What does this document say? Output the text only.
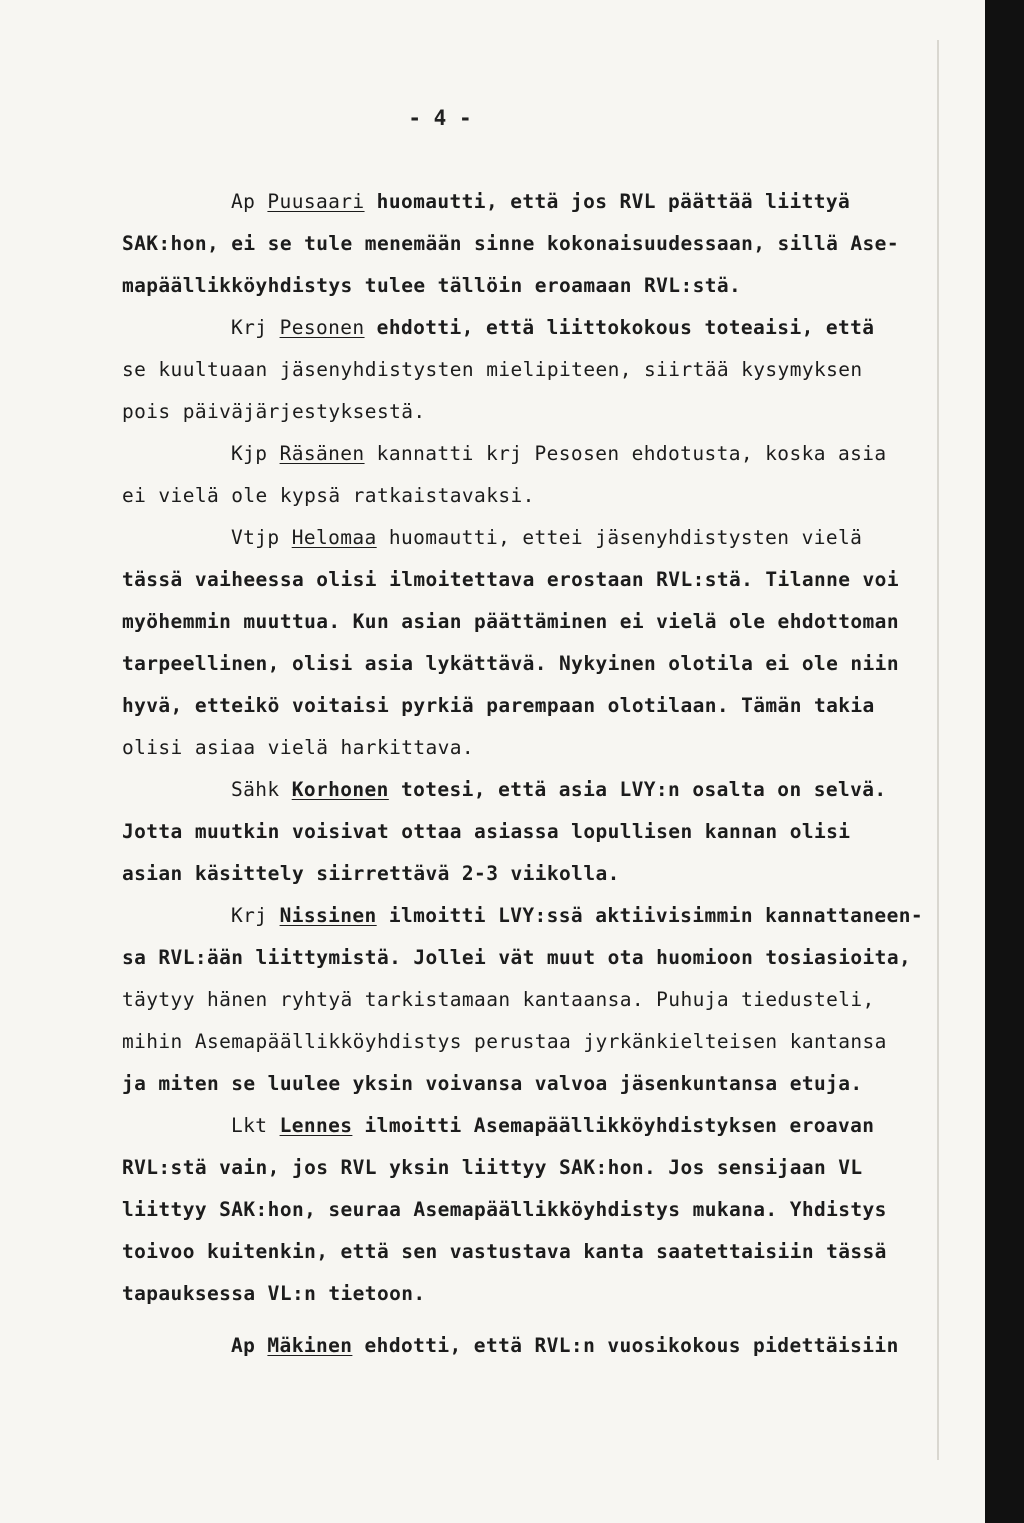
- 4 -
Ap Puusaari huomautti, että jos RVL päättää liittyä
SAK:hon, ei se tule menemään sinne kokonaisuudessaan, sillä Ase-
mapäällikköyhdistys tulee tällöin eroamaan RVL:stä.
Krj Pesonen ehdotti, että liittokokous toteaisi, että
se kuultuaan jäsenyhdistysten mielipiteen, siirtää kysymyksen
pois päiväjärjestyksestä.
Kjp Räsänen kannatti krj Pesosen ehdotusta, koska asia
ei vielä ole kypsä ratkaistavaksi.
Vtjp Helomaa huomautti, ettei jäsenyhdistysten vielä
tässä vaiheessa olisi ilmoitettava erostaan RVL:stä. Tilanne voi
myöhemmin muuttua. Kun asian päättäminen ei vielä ole ehdottoman
tarpeellinen, olisi asia lykättävä. Nykyinen olotila ei ole niin
hyvä, etteikö voitaisi pyrkiä parempaan olotilaan. Tämän takia
olisi asiaa vielä harkittava.
Sähk Korhonen totesi, että asia LVY:n osalta on selvä.
Jotta muutkin voisivat ottaa asiassa lopullisen kannan olisi
asian käsittely siirrettävä 2-3 viikolla.
Krj Nissinen ilmoitti LVY:ssä aktiivisimmin kannattaneen-
sa RVL:ään liittymistä. Jollei vät muut ota huomioon tosiasioita,
täytyy hänen ryhtyä tarkistamaan kantaansa. Puhuja tiedusteli,
mihin Asemapäällikköyhdistys perustaa jyrkänkielteisen kantansa
ja miten se luulee yksin voivansa valvoa jäsenkuntansa etuja.
Lkt Lennes ilmoitti Asemapäällikköyhdistyksen eroavan
RVL:stä vain, jos RVL yksin liittyy SAK:hon. Jos sensijaan VL
liittyy SAK:hon, seuraa Asemapäällikköyhdistys mukana. Yhdistys
toivoo kuitenkin, että sen vastustava kanta saatettaisiin tässä
tapauksessa VL:n tietoon.
Ap Mäkinen ehdotti, että RVL:n vuosikokous pidettäisiin
